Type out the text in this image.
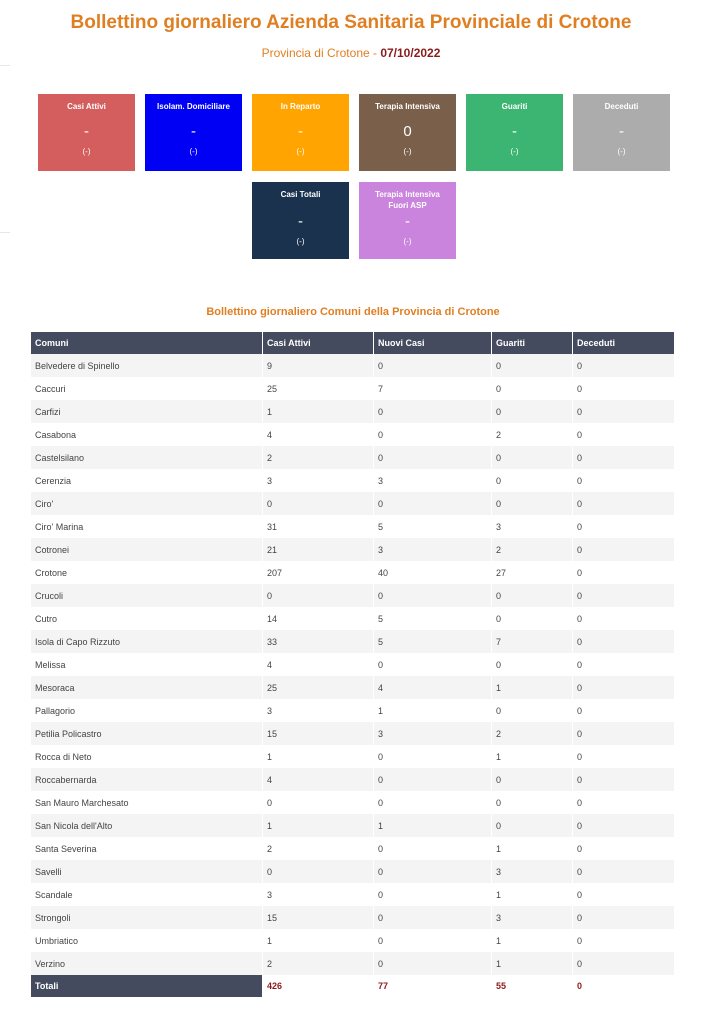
Bollettino giornaliero Azienda Sanitaria Provinciale di Crotone
Provincia di Crotone - 07/10/2022
Casi Attivi
-
(-)
Isolam. Domiciliare
-
(-)
In Reparto
-
(-)
Terapia Intensiva
0
(-)
Guariti
-
(-)
Deceduti
-
(-)
Casi Totali
-
(-)
Terapia Intensiva Fuori ASP
-
(-)
Bollettino giornaliero Comuni della Provincia di Crotone
Comuni	Casi Attivi	Nuovi Casi	Guariti	Deceduti
Belvedere di Spinello	9	0	0	0
Caccuri	25	7	0	0
Carfizi	1	0	0	0
Casabona	4	0	2	0
Castelsilano	2	0	0	0
Cerenzia	3	3	0	0
Ciro'	0	0	0	0
Ciro' Marina	31	5	3	0
Cotronei	21	3	2	0
Crotone	207	40	27	0
Crucoli	0	0	0	0
Cutro	14	5	0	0
Isola di Capo Rizzuto	33	5	7	0
Melissa	4	0	0	0
Mesoraca	25	4	1	0
Pallagorio	3	1	0	0
Petilia Policastro	15	3	2	0
Rocca di Neto	1	0	1	0
Roccabernarda	4	0	0	0
San Mauro Marchesato	0	0	0	0
San Nicola dell'Alto	1	1	0	0
Santa Severina	2	0	1	0
Savelli	0	0	3	0
Scandale	3	0	1	0
Strongoli	15	0	3	0
Umbriatico	1	0	1	0
Verzino	2	0	1	0
Totali	426	77	55	0
